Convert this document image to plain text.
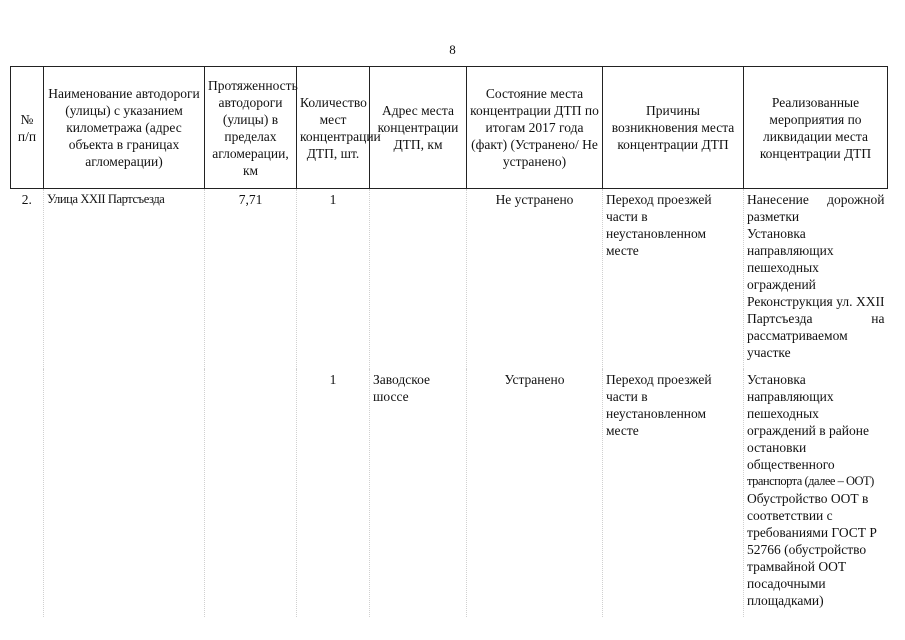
8
№ п/п	Наименование автодороги (улицы) с указанием километража (адрес объекта в границах агломерации)	Протяженность автодороги (улицы) в пределах агломерации, км	Количество мест концентрации ДТП, шт.	Адрес места концентрации ДТП, км	Состояние места концентрации ДТП по итогам 2017 года (факт) (Устранено/ Не устранено)	Причины возникновения места концентрации ДТП	Реализованные мероприятия по ликвидации места концентрации ДТП
2.	Улица XXII Партсъезда	7,71	1		Не устранено	Переход проезжей части в неустановленном месте	Нанесение дорожной разметки
Установка направляющих пешеходных ограждений
Реконструкция ул. XXII Партсъезда на рассматриваемом участке

			1	Заводское шоссе	Устранено	Переход проезжей части в неустановленном месте	Установка направляющих пешеходных ограждений в районе остановки общественного
транспорта (далее – ООТ)
Обустройство ООТ в соответствии с требованиями ГОСТ Р 52766 (обустройство трамвайной ООТ посадочными площадками)
